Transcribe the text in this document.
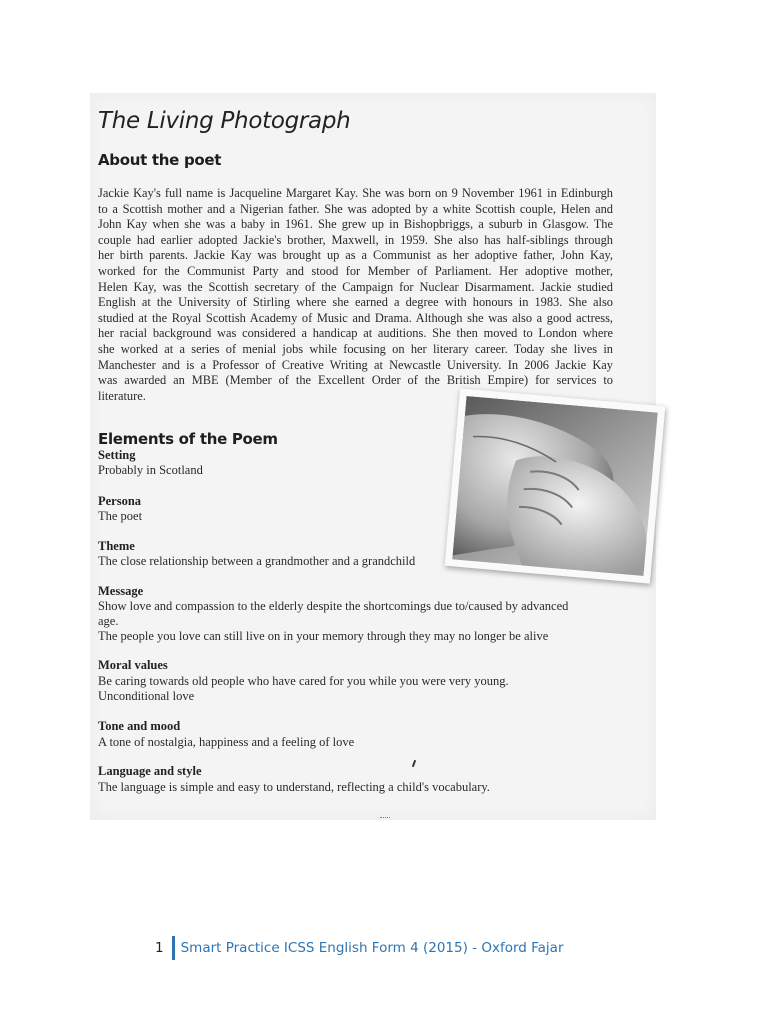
The Living Photograph
About the poet
Jackie Kay's full name is Jacqueline Margaret Kay. She was born on 9 November 1961 in Edinburgh
to a Scottish mother and a Nigerian father. She was adopted by a white Scottish couple, Helen and
John Kay when she was a baby in 1961. She grew up in Bishopbriggs, a suburb in Glasgow. The
couple had earlier adopted Jackie's brother, Maxwell, in 1959. She also has half-siblings through
her birth parents. Jackie Kay was brought up as a Communist as her adoptive father, John Kay,
worked for the Communist Party and stood for Member of Parliament. Her adoptive mother,
Helen Kay, was the Scottish secretary of the Campaign for Nuclear Disarmament. Jackie studied
English at the University of Stirling where she earned a degree with honours in 1983. She also
studied at the Royal Scottish Academy of Music and Drama. Although she was also a good actress,
her racial background was considered a handicap at auditions. She then moved to London where
she worked at a series of menial jobs while focusing on her literary career. Today she lives in
Manchester and is a Professor of Creative Writing at Newcastle University. In 2006 Jackie Kay
was awarded an MBE (Member of the Excellent Order of the British Empire) for services to
literature.
Elements of the Poem
Setting
Probably in Scotland
Persona
The poet
Theme
The close relationship between a grandmother and a grandchild
Message
Show love and compassion to the elderly despite the shortcomings due to/caused by advanced
age.
The people you love can still live on in your memory through they may no longer be alive
Moral values
Be caring towards old people who have cared for you while you were very young.
Unconditional love
Tone and mood
A tone of nostalgia, happiness and a feeling of love
Language and style
The language is simple and easy to understand, reflecting a child's vocabulary.
1 Smart Practice ICSS English Form 4 (2015) - Oxford Fajar
